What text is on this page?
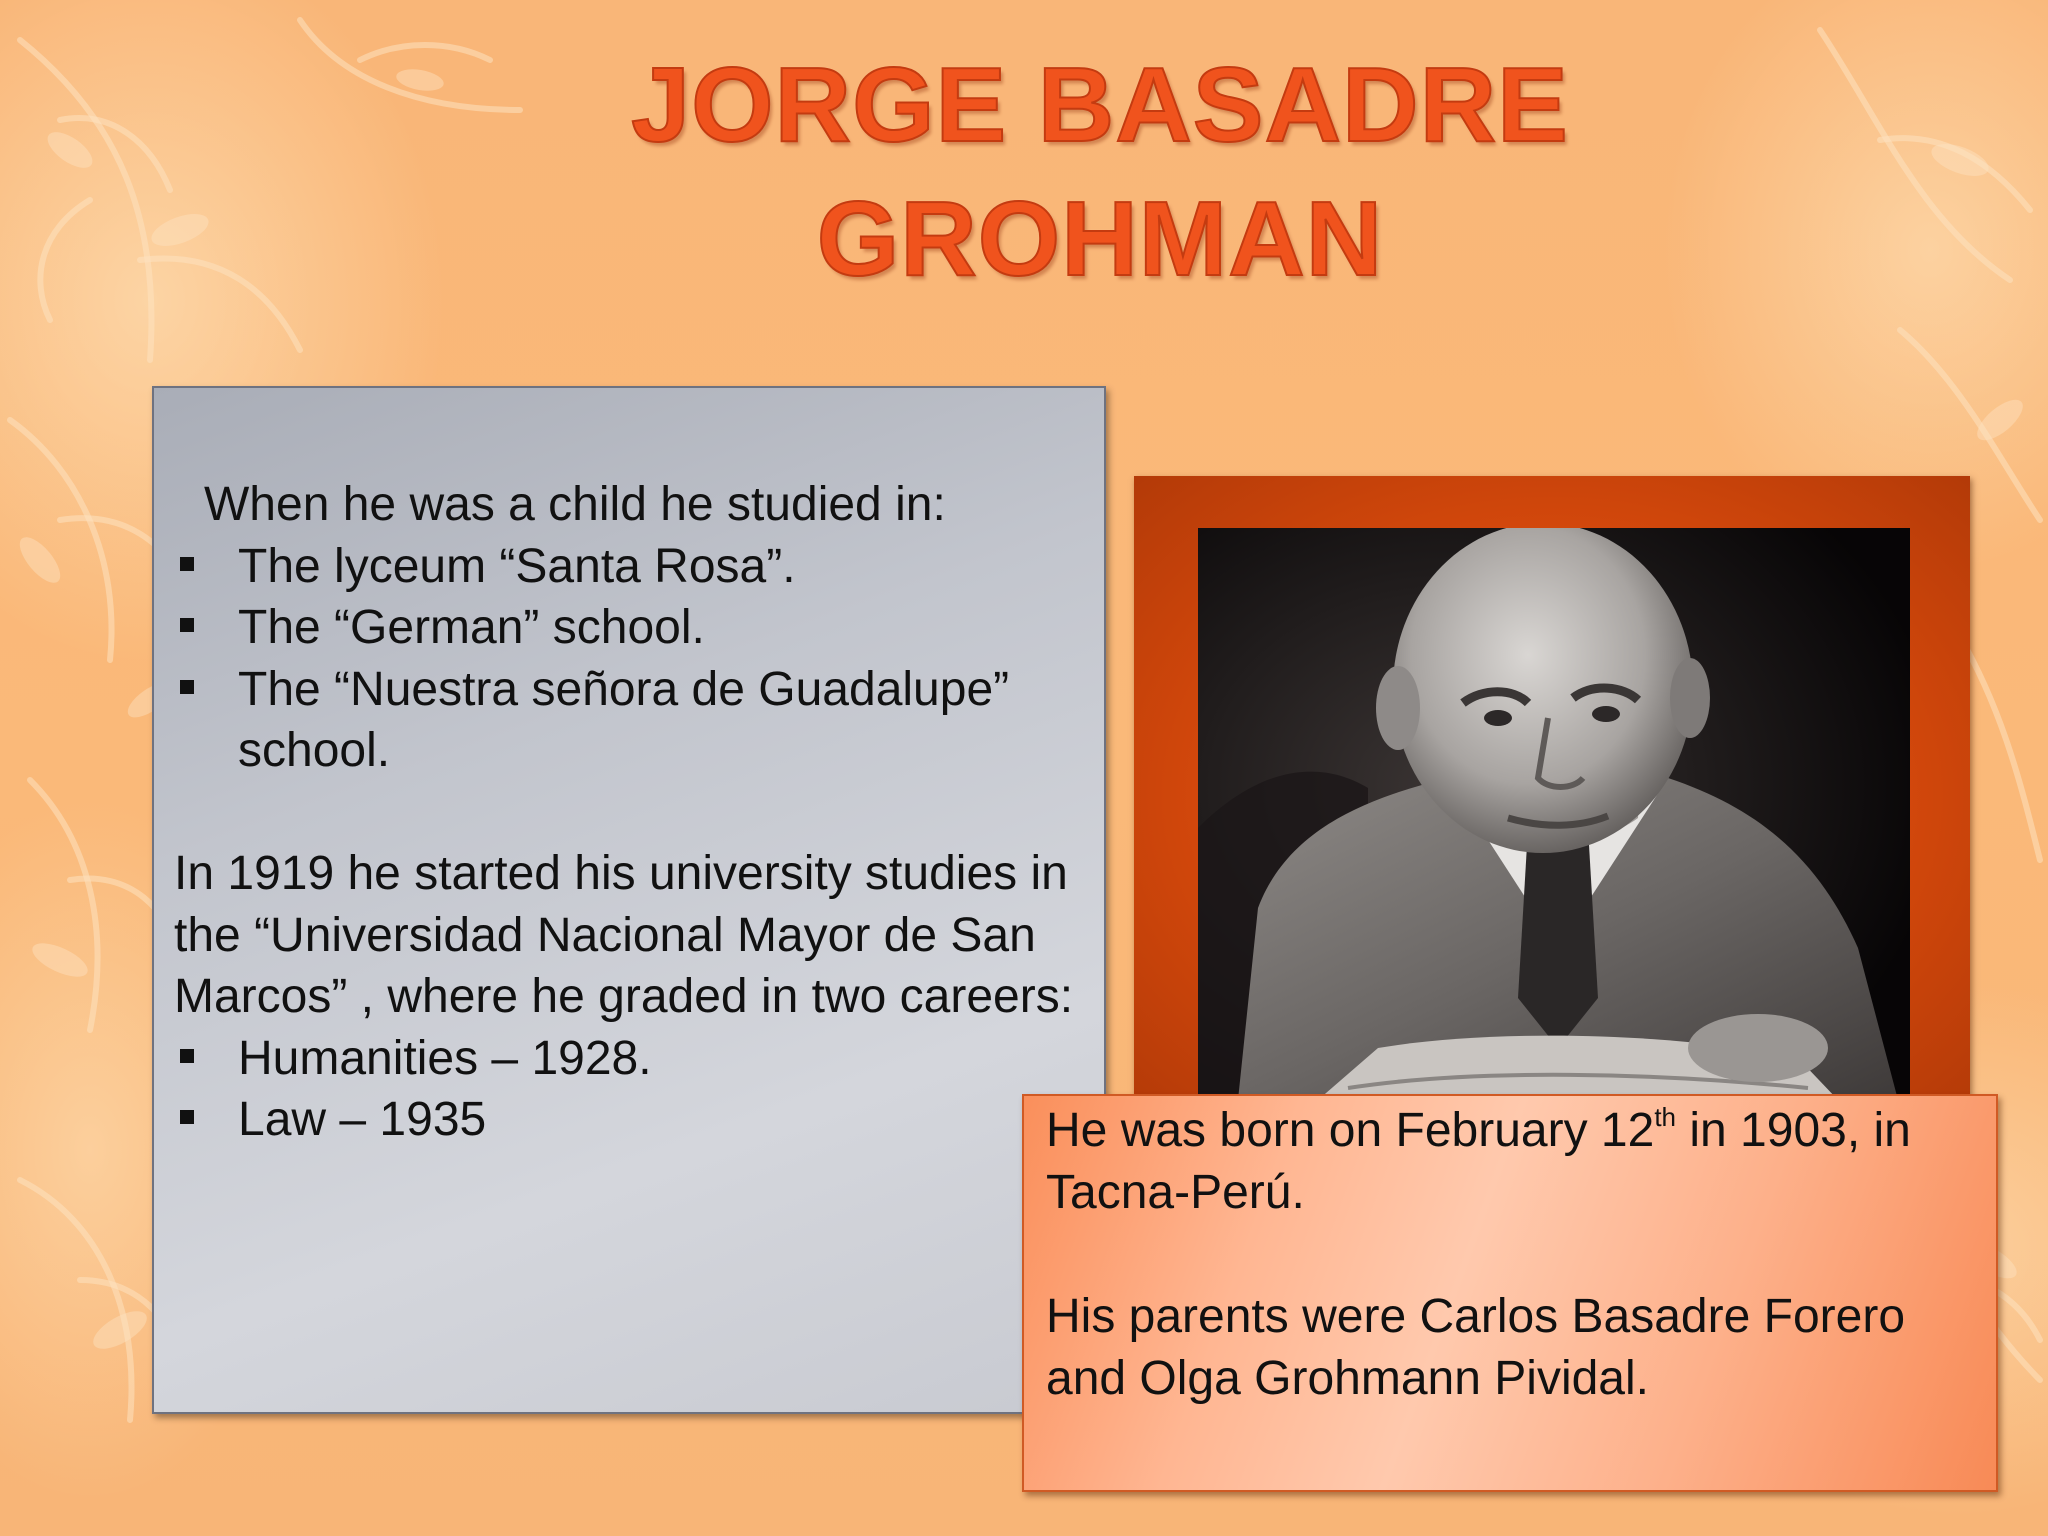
JORGE BASADRE
GROHMAN
When he was a child he studied in:
The lyceum “Santa Rosa”.
The “German” school.
The “Nuestra señora de Guadalupe” school.
In 1919 he started his university studies in the “Universidad Nacional Mayor de San Marcos” , where he graded in two careers:
Humanities – 1928.
Law – 1935	He was born on February 12th in 1903, in Tacna-Perú.

His parents were Carlos Basadre Forero and Olga Grohmann Pividal.
